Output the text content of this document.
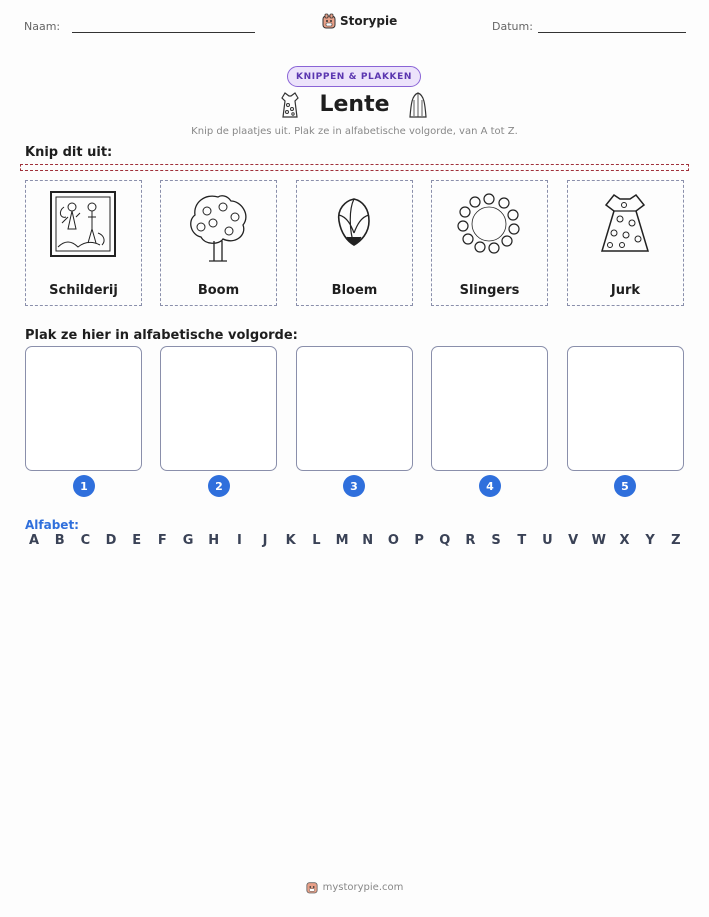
Naam:	Storypie	Datum:
KNIPPEN & PLAKKEN
Lente
Knip de plaatjes uit. Plak ze in alfabetische volgorde, van A tot Z.
Knip dit uit:
Schilderij	Boom	Bloem	Slingers	Jurk
Plak ze hier in alfabetische volgorde:
1	2	3	4	5
Alfabet:
A	B	C	D	E	F	G H	I	J	K	L	M N O	P	Q	R	S	T	U	V	W	X	Y	Z
mystorypie.com
